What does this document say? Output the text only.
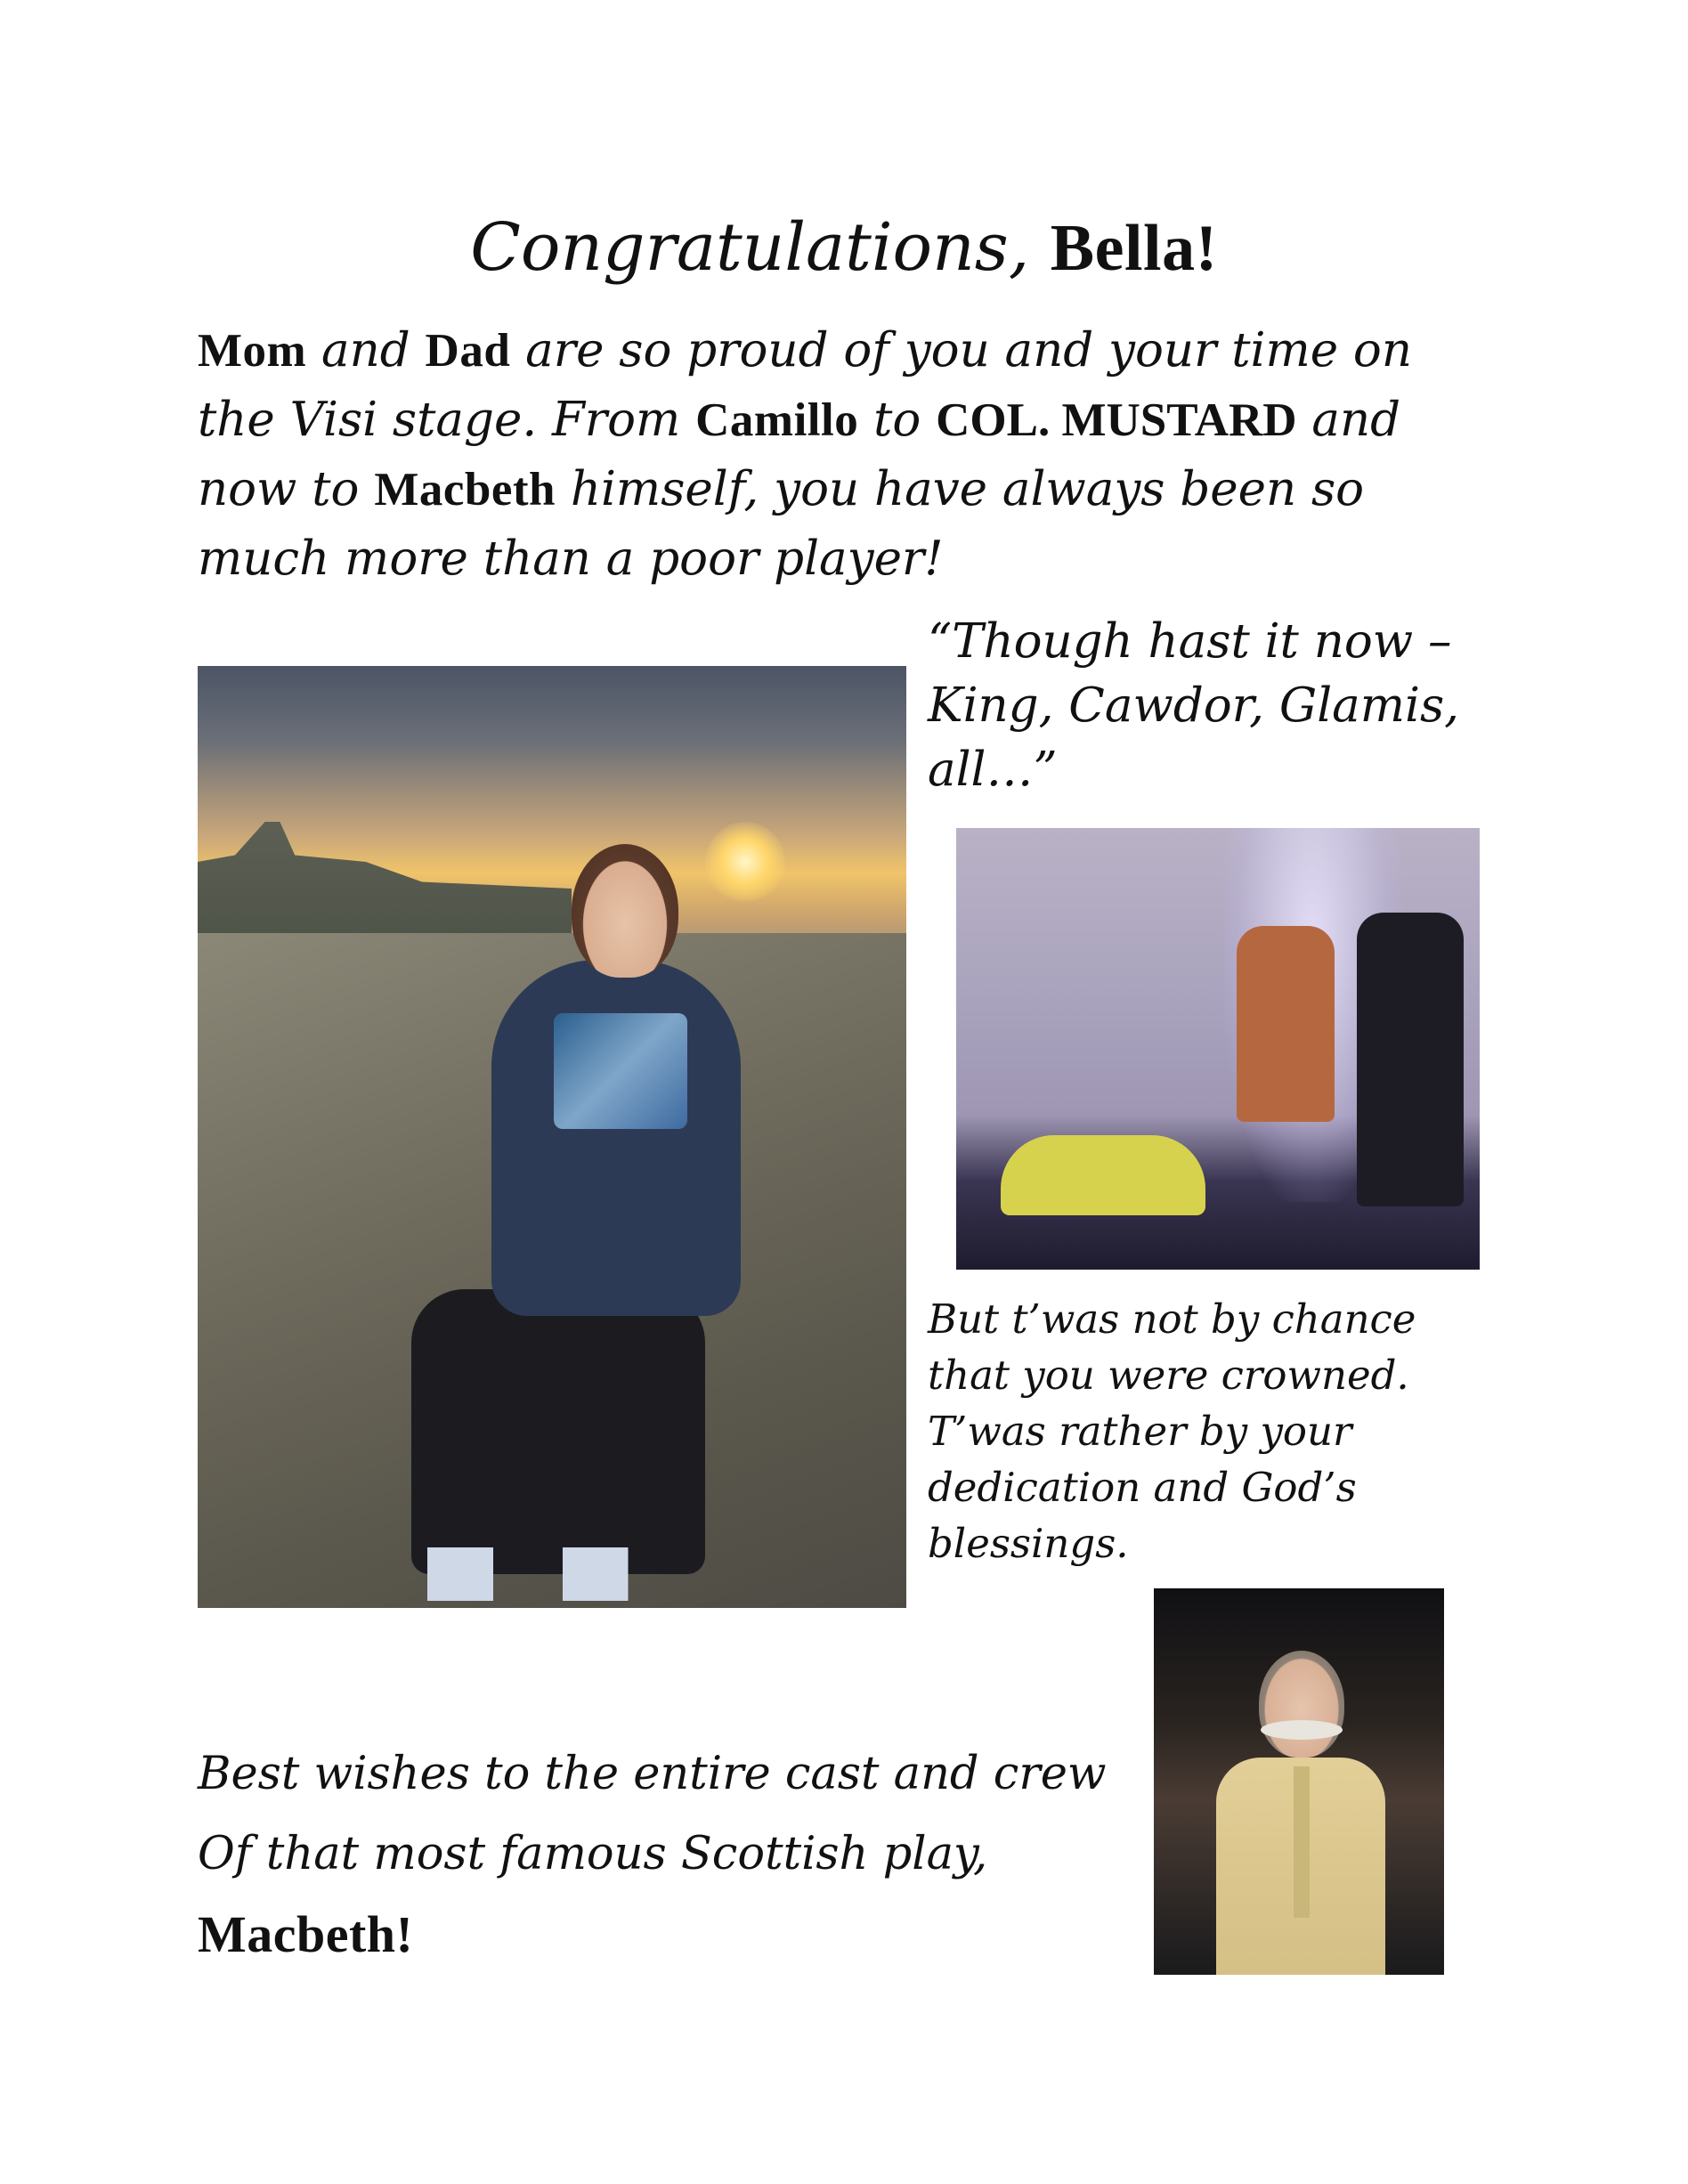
Congratulations, Bella!

Mom and Dad are so proud of you and your time on the Visi stage. From Camillo to COL. MUSTARD and now to Macbeth himself, you have always been so much more than a poor player!

“Though hast it now – King, Cawdor, Glamis, all…”

But t’was not by chance that you were crowned. T’was rather by your dedication and God’s blessings.

Best wishes to the entire cast and crew
Of that most famous Scottish play,
Macbeth!
